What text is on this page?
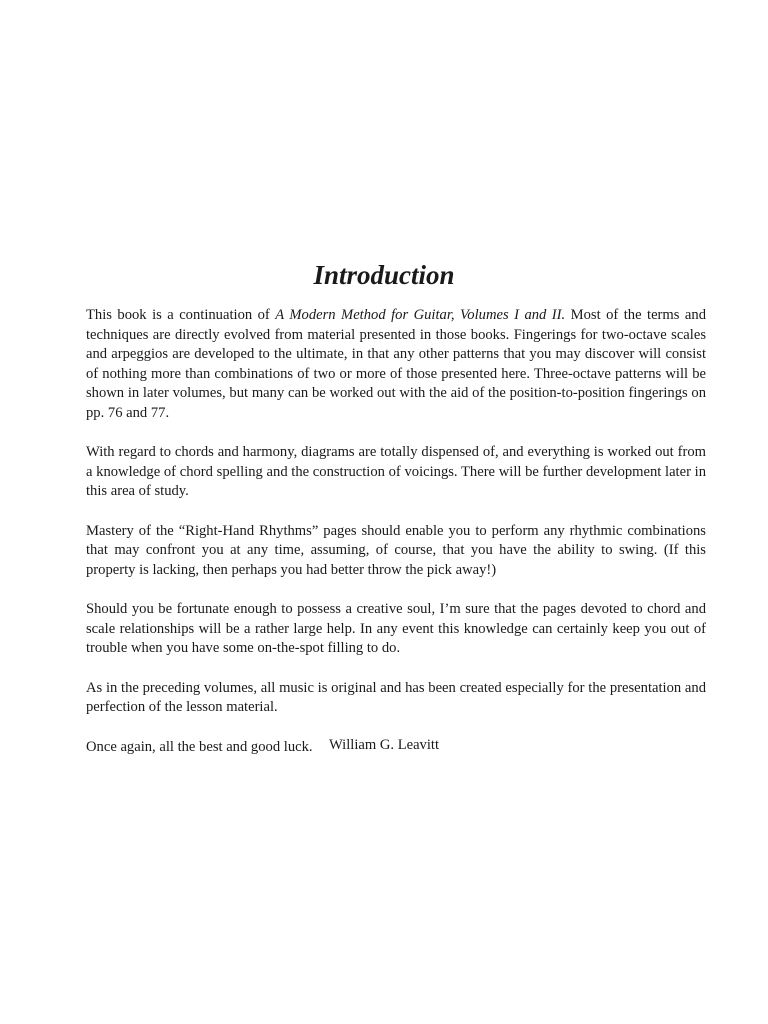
Introduction

This book is a continuation of A Modern Method for Guitar, Volumes I and II. Most of the terms and techniques are directly evolved from material presented in those books. Fingerings for two-octave scales and arpeggios are developed to the ultimate, in that any other patterns that you may discover will consist of nothing more than combinations of two or more of those presented here. Three-octave patterns will be shown in later volumes, but many can be worked out with the aid of the position-to-position fingerings on pp. 76 and 77.

With regard to chords and harmony, diagrams are totally dispensed of, and everything is worked out from a knowledge of chord spelling and the construction of voicings. There will be further development later in this area of study.

Mastery of the “Right-Hand Rhythms” pages should enable you to perform any rhythmic combinations that may confront you at any time, assuming, of course, that you have the ability to swing. (If this property is lacking, then perhaps you had better throw the pick away!)

Should you be fortunate enough to possess a creative soul, I’m sure that the pages devoted to chord and scale relationships will be a rather large help. In any event this knowledge can certainly keep you out of trouble when you have some on-the-spot filling to do.

As in the preceding volumes, all music is original and has been created especially for the presentation and perfection of the lesson material.

Once again, all the best and good luck.	William G. Leavitt
